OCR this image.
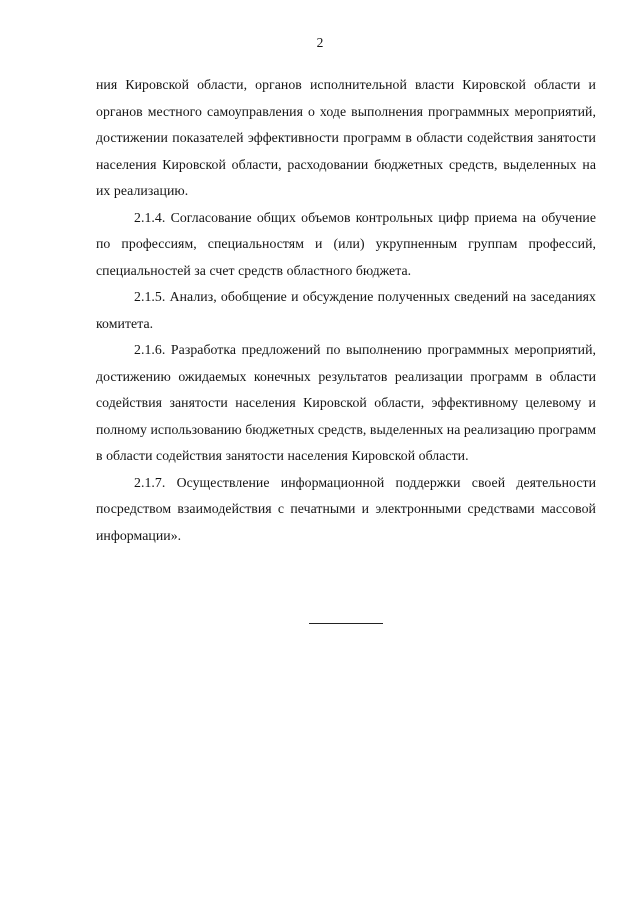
2

ния Кировской области, органов исполнительной власти Кировской области и органов местного самоуправления о ходе выполнения программных мероприятий, достижении показателей эффективности программ в области содействия занятости населения Кировской области, расходовании бюджетных средств, выделенных на их реализацию.

2.1.4. Согласование общих объемов контрольных цифр приема на обучение по профессиям, специальностям и (или) укрупненным группам профессий, специальностей за счет средств областного бюджета.

2.1.5. Анализ, обобщение и обсуждение полученных сведений на заседаниях комитета.

2.1.6. Разработка предложений по выполнению программных мероприятий, достижению ожидаемых конечных результатов реализации программ в области содействия занятости населения Кировской области, эффективному целевому и полному использованию бюджетных средств, выделенных на реализацию программ в области содействия занятости населения Кировской области.

2.1.7. Осуществление информационной поддержки своей деятельности посредством взаимодействия с печатными и электронными средствами массовой информации».
